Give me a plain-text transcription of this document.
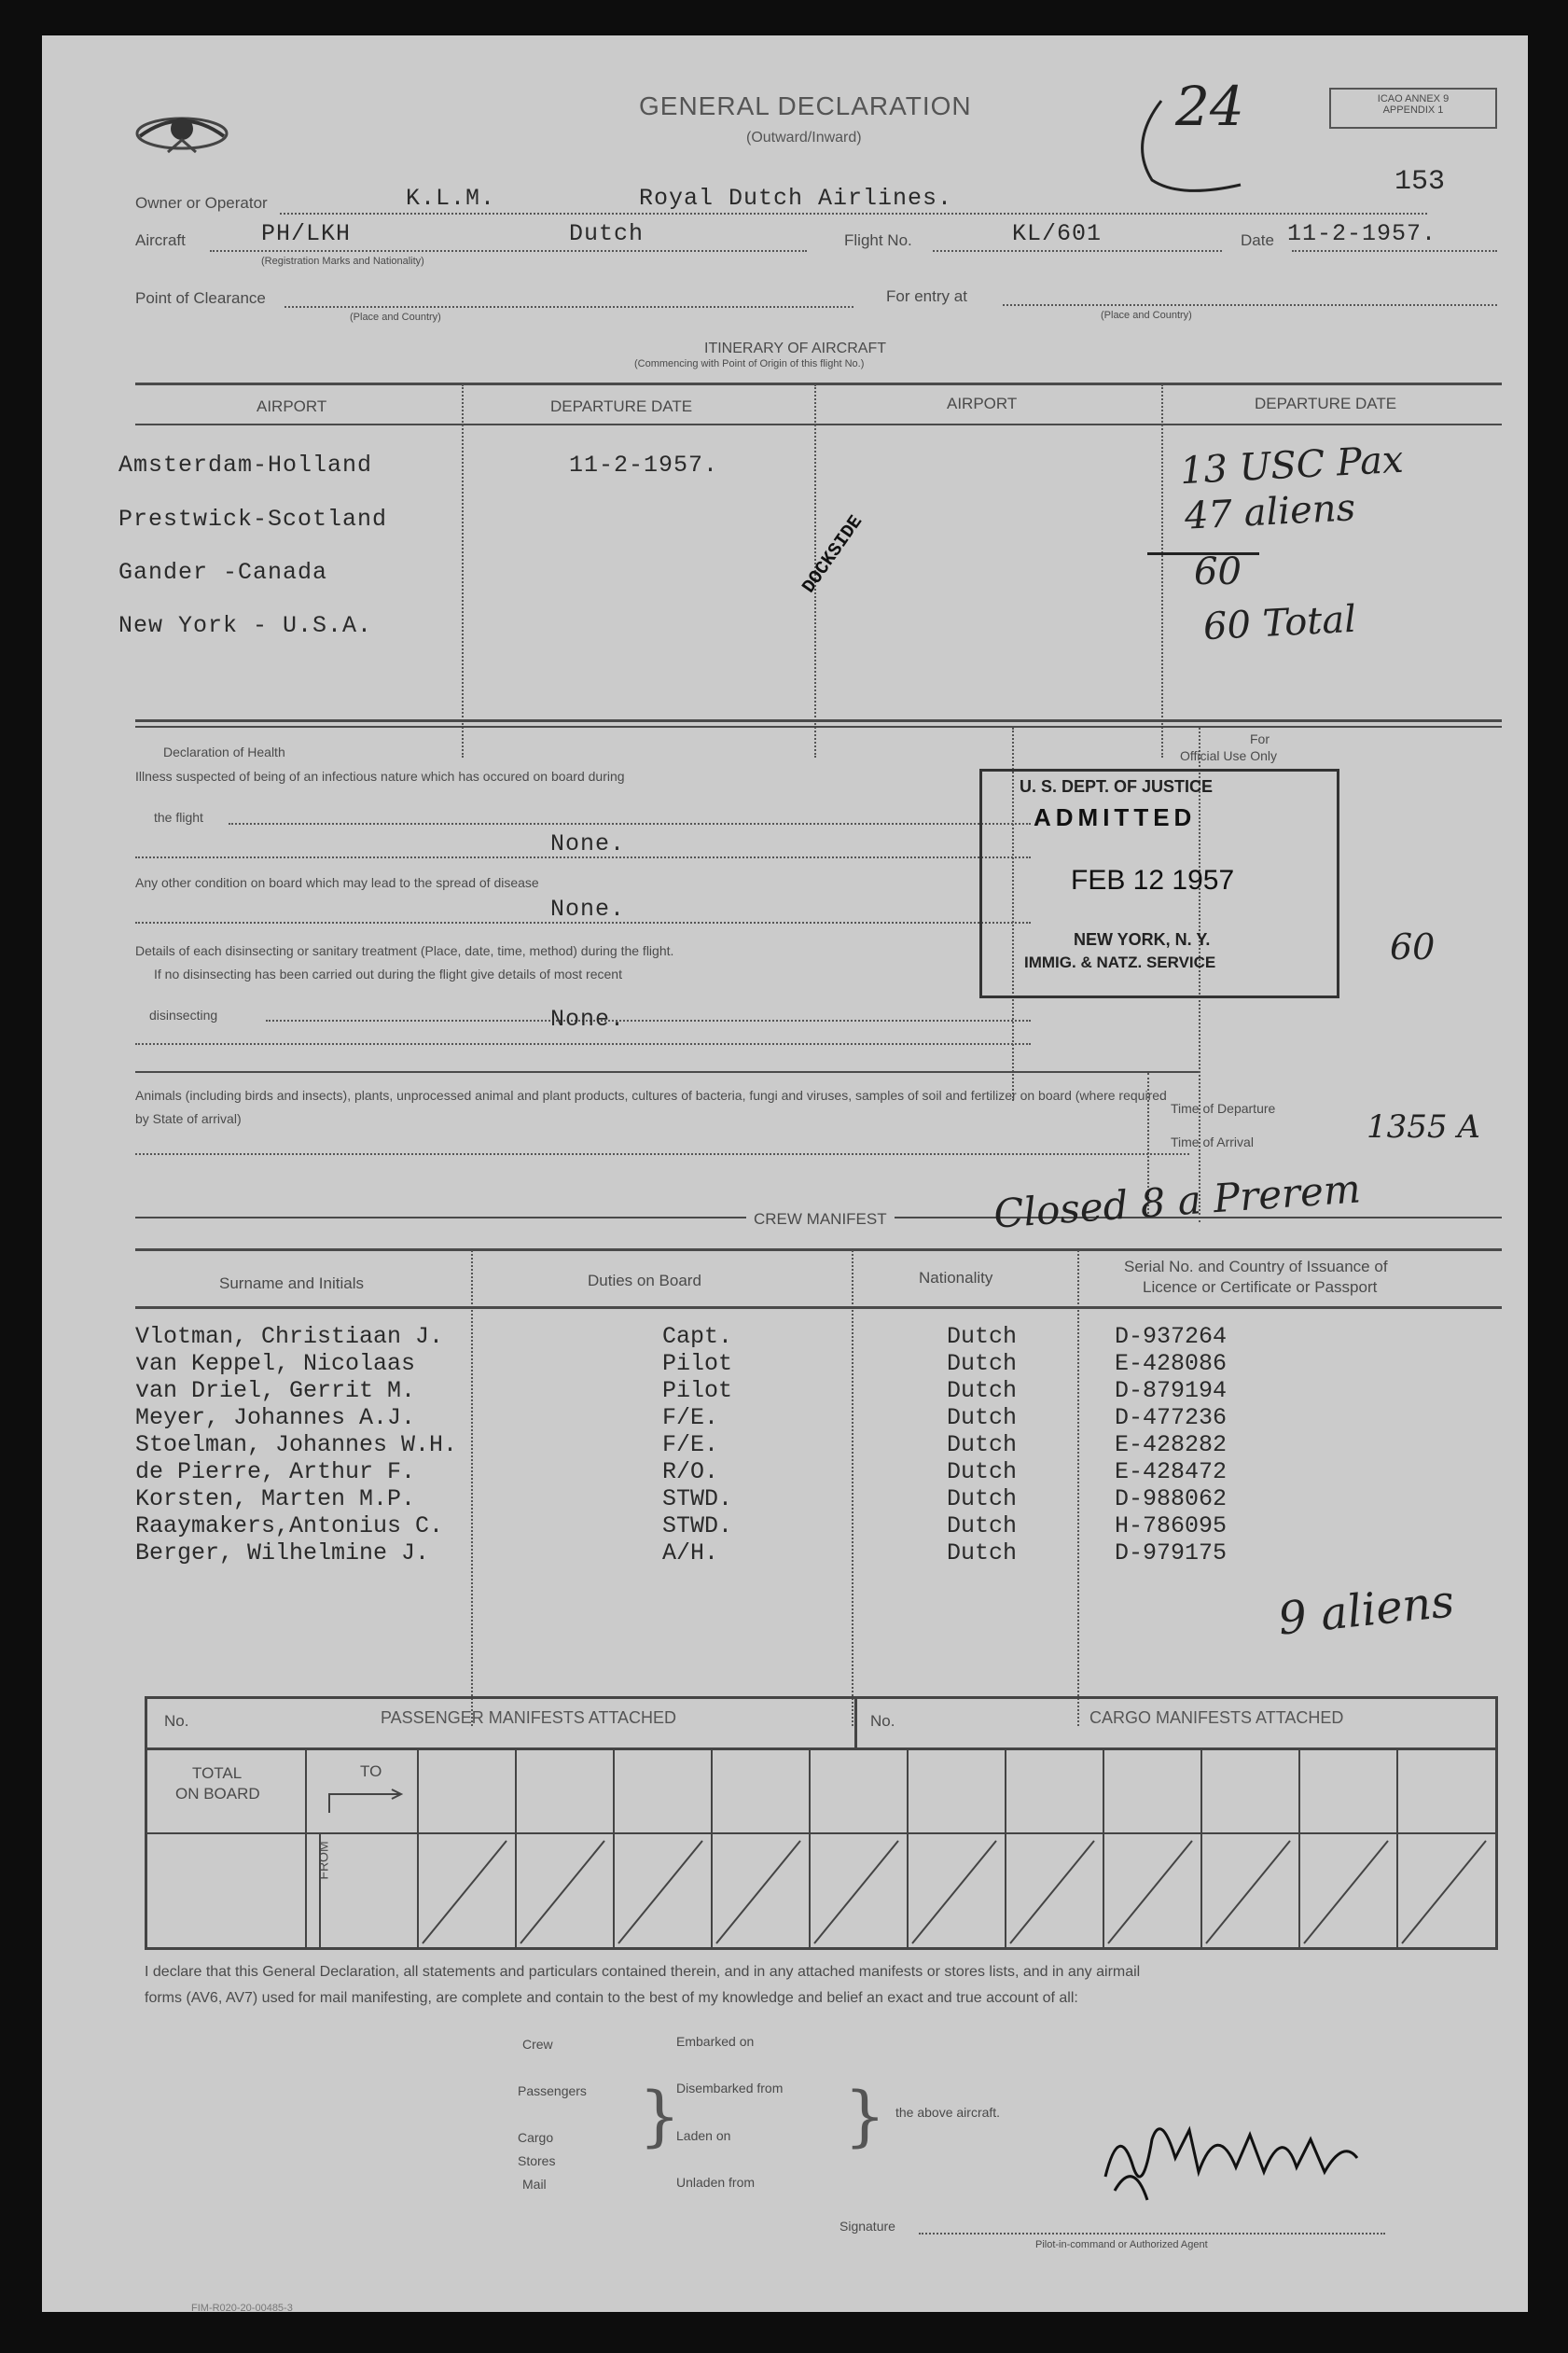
GENERAL DECLARATION
(Outward/Inward)
ICAO ANNEX 9
APPENDIX 1
24
153
Owner or Operator	K.L.M.	Royal Dutch Airlines.
Aircraft	PH/LKH	Dutch
(Registration Marks and Nationality)
Flight No.	KL/601	Date 11-2-1957.
Point of Clearance
(Place and Country)
For entry at
(Place and Country)
ITINERARY OF AIRCRAFT
(Commencing with Point of Origin of this flight No.)
AIRPORT	DEPARTURE DATE	AIRPORT	DEPARTURE DATE
Amsterdam-Holland
Prestwick-Scotland
Gander -Canada
New York - U.S.A.
11-2-1957.
DOCKSIDE
13 USC Pax
47 aliens
60
60 Total
Declaration of Health
Illness suspected of being of an infectious nature which has occured on board during
the flight
None.
Any other condition on board which may lead to the spread of disease
None.
Details of each disinsecting or sanitary treatment (Place, date, time, method) during the flight.
If no disinsecting has been carried out during the flight give details of most recent
disinsecting	None.
For
Official Use Only
U. S. DEPT. OF JUSTICE
ADMITTED
FEB 12 1957
NEW YORK, N. Y.
IMMIG. & NATZ. SERVICE	60
Animals (including birds and insects), plants, unprocessed animal and plant products, cultures of bacteria, fungi and viruses, samples of soil and fertilizer on board (where required by State of arrival)
Time of Departure
Time of Arrival	1355 A
CREW MANIFEST	Closed 8 a Prerem
Surname and Initials	Duties on Board	Nationality
Serial No. and Country of Issuance of
Licence or Certificate or Passport
Vlotman, Christiaan J.	Capt.	Dutch	D-937264
van Keppel, Nicolaas	Pilot	Dutch	E-428086
van Driel, Gerrit M.	Pilot	Dutch	D-879194
Meyer, Johannes A.J.	F/E.	Dutch	D-477236
Stoelman, Johannes W.H.	F/E.	Dutch	E-428282
de Pierre, Arthur F.	R/O.	Dutch	E-428472
Korsten, Marten M.P.	STWD.	Dutch	D-988062
Raaymakers,Antonius C.	STWD.	Dutch	H-786095
Berger, Wilhelmine J.	A/H.	Dutch	D-979175
9 aliens
No.	PASSENGER MANIFESTS ATTACHED	No.	CARGO MANIFESTS ATTACHED
TOTAL
ON BOARD
TO
FROM
I declare that this General Declaration, all statements and particulars contained therein, and in any attached manifests or stores lists, and in any airmail
forms (AV6, AV7) used for mail manifesting, are complete and contain to the best of my knowledge and belief an exact and true account of all:
Crew
Passengers
Cargo
Stores
Mail
}
Embarked on
Disembarked from
Laden on
Unladen from
} the above aircraft.
Signature
Pilot-in-command or Authorized Agent
FIM-R020-20-00485-3
